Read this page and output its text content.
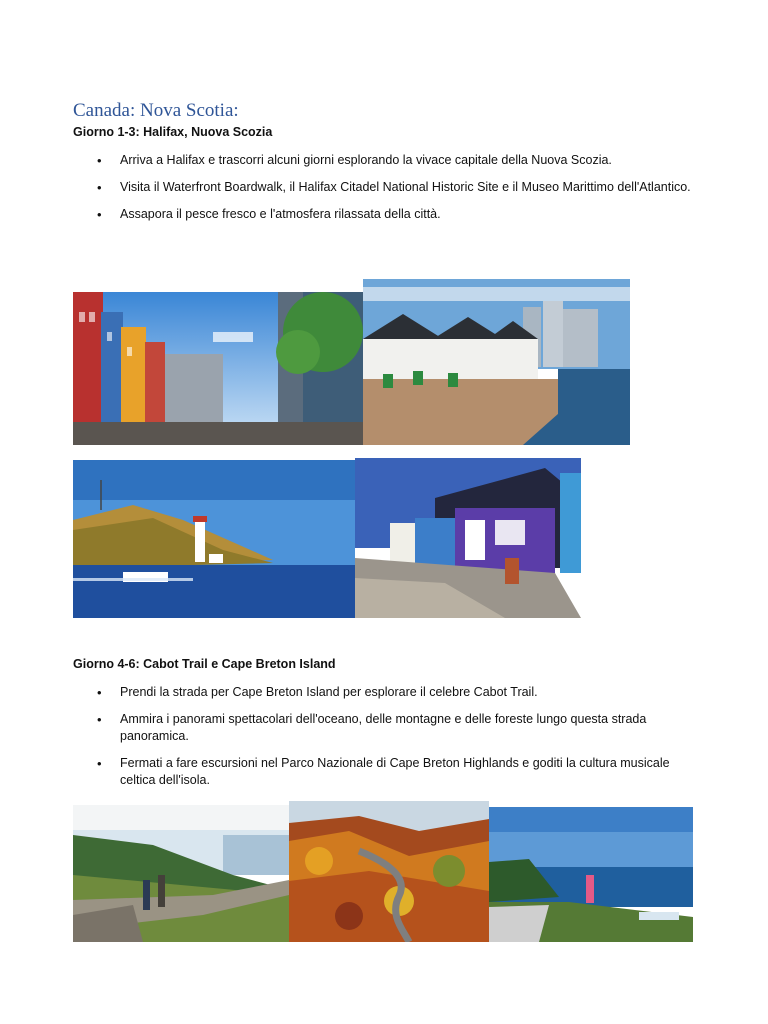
Canada: Nova Scotia:

Giorno 1-3: Halifax, Nuova Scozia

• Arriva a Halifax e trascorri alcuni giorni esplorando la vivace capitale della Nuova Scozia.
• Visita il Waterfront Boardwalk, il Halifax Citadel National Historic Site e il Museo Marittimo dell'Atlantico.
• Assapora il pesce fresco e l'atmosfera rilassata della città.

Giorno 4-6: Cabot Trail e Cape Breton Island

• Prendi la strada per Cape Breton Island per esplorare il celebre Cabot Trail.
• Ammira i panorami spettacolari dell'oceano, delle montagne e delle foreste lungo questa strada panoramica.
• Fermati a fare escursioni nel Parco Nazionale di Cape Breton Highlands e goditi la cultura musicale celtica dell'isola.
